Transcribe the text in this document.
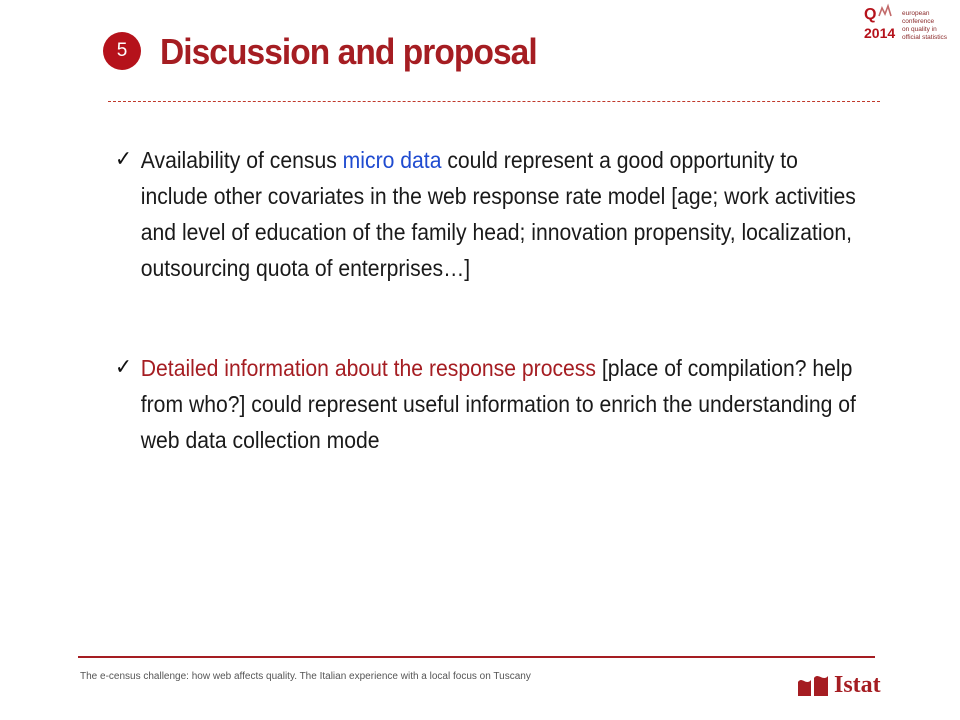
5 Discussion and proposal
Q
2014
european conference
on quality in
official statistics
✓ Availability of census micro data could represent a good opportunity to include other covariates in the web response rate model [age; work activities and level of education of the family head; innovation propensity, localization, outsourcing quota of enterprises…]
✓ Detailed information about the response process [place of compilation? help from who?] could represent useful information to enrich the understanding of web data collection mode
The e-census challenge: how web affects quality. The Italian experience with a local focus on Tuscany	Istat
